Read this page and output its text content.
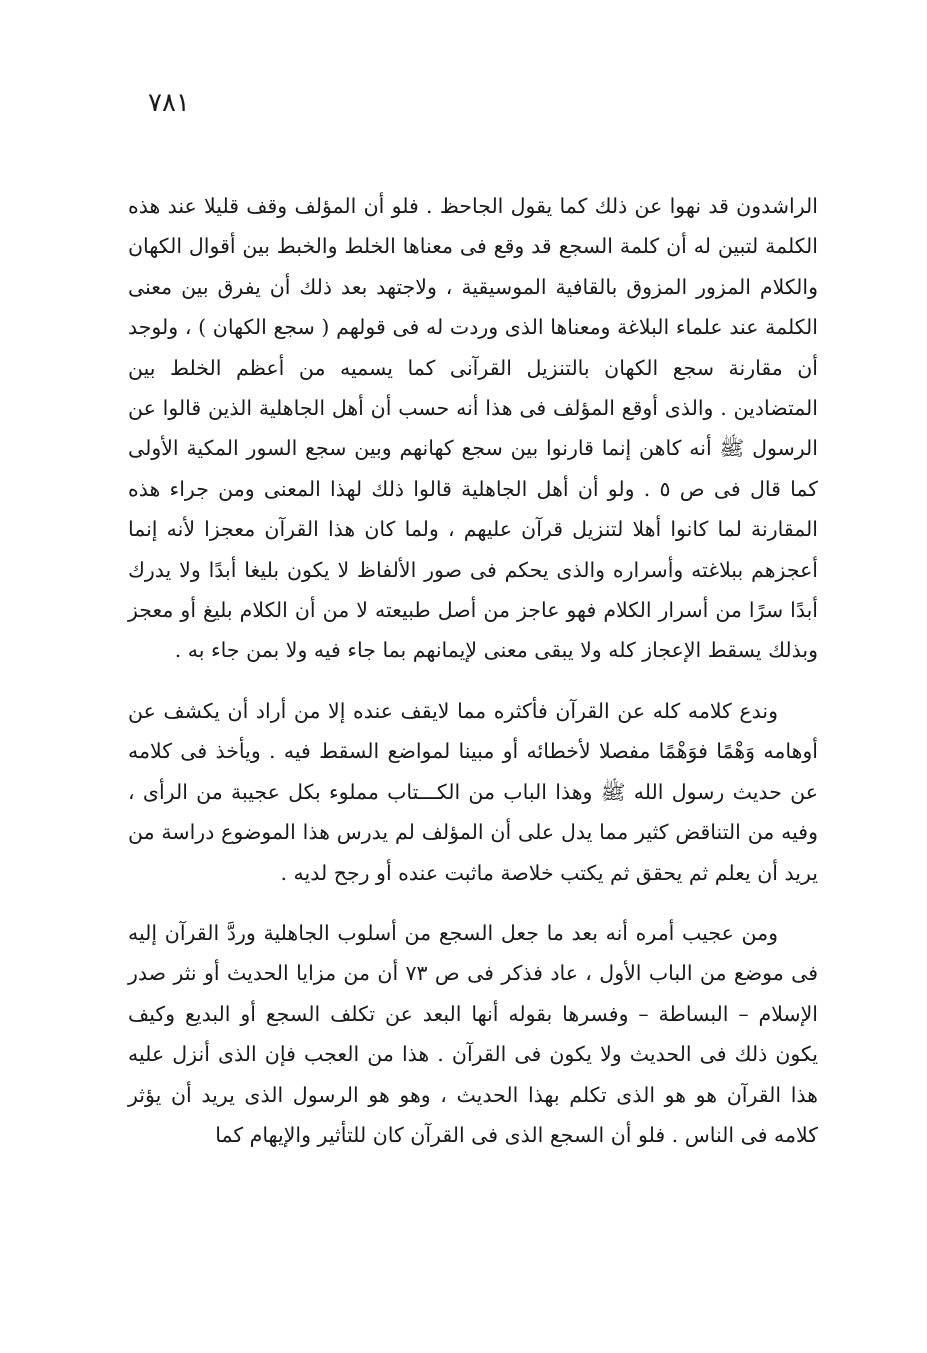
٧٨١

الراشدون قد نهوا عن ذلك كما يقول الجاحظ . فلو أن المؤلف وقف قليلا عند هذه الكلمة لتبين له أن كلمة السجع قد وقع فى معناها الخلط والخبط بين أقوال الكهان والكلام المزور المزوق بالقافية الموسيقية ، ولاجتهد بعد ذلك أن يفرق بين معنى الكلمة عند علماء البلاغة ومعناها الذى وردت له فى قولهم ( سجع الكهان ) ، ولوجد أن مقارنة سجع الكهان بالتنزيل القرآنى كما يسميه من أعظم الخلط بين المتضادين . والذى أوقع المؤلف فى هذا أنه حسب أن أهل الجاهلية الذين قالوا عن الرسول ﷺ أنه كاهن إنما قارنوا بين سجع كهانهم وبين سجع السور المكية الأولى كما قال فى ص ٥ . ولو أن أهل الجاهلية قالوا ذلك لهذا المعنى ومن جراء هذه المقارنة لما كانوا أهلا لتنزيل قرآن عليهم ، ولما كان هذا القرآن معجزا لأنه إنما أعجزهم ببلاغته وأسراره والذى يحكم فى صور الألفاظ لا يكون بليغا أبدًا ولا يدرك أبدًا سرًا من أسرار الكلام فهو عاجز من أصل طبيعته لا من أن الكلام بليغ أو معجز وبذلك يسقط الإعجاز كله ولا يبقى معنى لإيمانهم بما جاء فيه ولا بمن جاء به .

وندع كلامه كله عن القرآن فأكثره مما لايقف عنده إلا من أراد أن يكشف عن أوهامه وَهْمًا فوَهْمًا مفصلا لأخطائه أو مبينا لمواضع السقط فيه . ويأخذ فى كلامه عن حديث رسول الله ﷺ وهذا الباب من الكـــتاب مملوء بكل عجيبة من الرأى ، وفيه من التناقض كثير مما يدل على أن المؤلف لم يدرس هذا الموضوع دراسة من يريد أن يعلم ثم يحقق ثم يكتب خلاصة ماثبت عنده أو رجح لديه .

ومن عجيب أمره أنه بعد ما جعل السجع من أسلوب الجاهلية وردَّ القرآن إليه فى موضع من الباب الأول ، عاد فذكر فى ص ٧٣ أن من مزايا الحديث أو نثر صدر الإسلام – البساطة – وفسرها بقوله أنها البعد عن تكلف السجع أو البديع وكيف يكون ذلك فى الحديث ولا يكون فى القرآن . هذا من العجب فإن الذى أنزل عليه هذا القرآن هو هو الذى تكلم بهذا الحديث ، وهو هو الرسول الذى يريد أن يؤثر كلامه فى الناس . فلو أن السجع الذى فى القرآن كان للتأثير والإيهام كما
